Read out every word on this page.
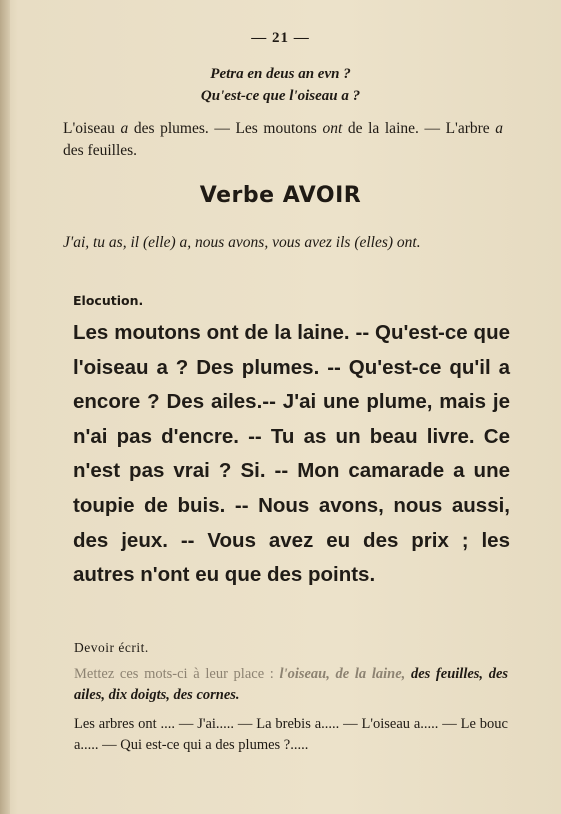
— 21 —
Petra en deus an evn ?
Qu'est-ce que l'oiseau a ?
L'oiseau a des plumes. — Les moutons ont de la laine. — L'arbre a des feuilles.
Verbe AVOIR
J'ai, tu as, il (elle) a, nous avons, vous avez ils (elles) ont.
Elocution.
Les moutons ont de la laine. -- Qu'est-ce que l'oiseau a ? Des plumes. -- Qu'est-ce qu'il a encore ? Des ailes.-- J'ai une plume, mais je n'ai pas d'encre. -- Tu as un beau livre. Ce n'est pas vrai ? Si. -- Mon camarade a une toupie de buis. -- Nous avons, nous aussi, des jeux. -- Vous avez eu des prix ; les autres n'ont eu que des points.
Devoir écrit.
Mettez ces mots-ci à leur place : l'oiseau, de la laine, des feuilles, des ailes, dix doigts, des cornes.
Les arbres ont .... — J'ai..... — La brebis a..... — L'oiseau a..... — Le bouc a..... — Qui est-ce qui a des plumes ?.....
